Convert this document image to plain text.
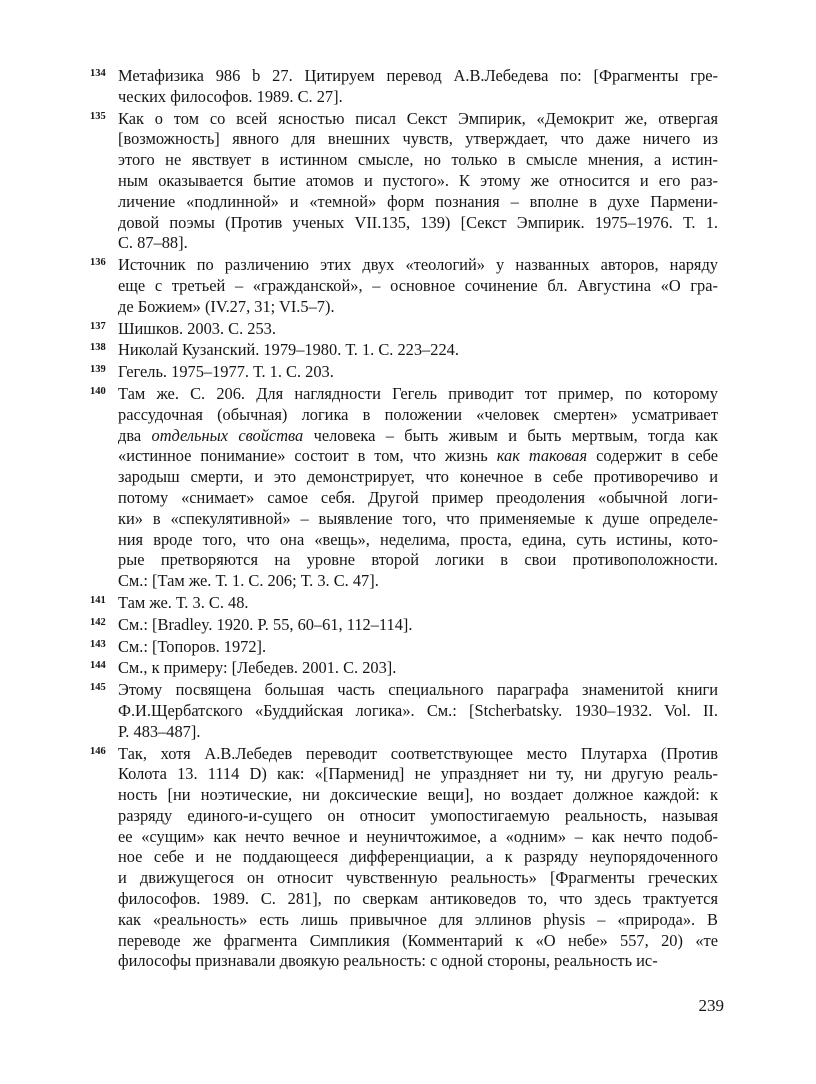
134 Метафизика 986 b 27. Цитируем перевод А.В.Лебедева по: [Фрагменты гре-
ческих философов. 1989. С. 27].
135 Как о том со всей ясностью писал Секст Эмпирик, «Демокрит же, отвергая
[возможность] явного для внешних чувств, утверждает, что даже ничего из
этого не явствует в истинном смысле, но только в смысле мнения, а истин-
ным оказывается бытие атомов и пустого». К этому же относится и его раз-
личение «подлинной» и «темной» форм познания – вполне в духе Пармени-
довой поэмы (Против ученых VII.135, 139) [Секст Эмпирик. 1975–1976. Т. 1.
С. 87–88].
136 Источник по различению этих двух «теологий» у названных авторов, наряду
еще с третьей – «гражданской», – основное сочинение бл. Августина «О гра-
де Божием» (IV.27, 31; VI.5–7).
137 Шишков. 2003. С. 253.
138 Николай Кузанский. 1979–1980. Т. 1. С. 223–224.
139 Гегель. 1975–1977. Т. 1. С. 203.
140 Там же. С. 206. Для наглядности Гегель приводит тот пример, по которому
рассудочная (обычная) логика в положении «человек смертен» усматривает
два отдельных свойства человека – быть живым и быть мертвым, тогда как
«истинное понимание» состоит в том, что жизнь как таковая содержит в себе
зародыш смерти, и это демонстрирует, что конечное в себе противоречиво и
потому «снимает» самое себя. Другой пример преодоления «обычной логи-
ки» в «спекулятивной» – выявление того, что применяемые к душе определе-
ния вроде того, что она «вещь», неделима, проста, едина, суть истины, кото-
рые претворяются на уровне второй логики в свои противоположности.
См.: [Там же. Т. 1. С. 206; Т. 3. С. 47].
141 Там же. Т. 3. С. 48.
142 См.: [Bradley. 1920. P. 55, 60–61, 112–114].
143 См.: [Топоров. 1972].
144 См., к примеру: [Лебедев. 2001. С. 203].
145 Этому посвящена большая часть специального параграфа знаменитой книги
Ф.И.Щербатского «Буддийская логика». См.: [Stcherbatsky. 1930–1932. Vol. II.
P. 483–487].
146 Так, хотя А.В.Лебедев переводит соответствующее место Плутарха (Против
Колота 13. 1114 D) как: «[Парменид] не упраздняет ни ту, ни другую реаль-
ность [ни ноэтические, ни доксические вещи], но воздает должное каждой: к
разряду единого-и-сущего он относит умопостигаемую реальность, называя
ее «сущим» как нечто вечное и неуничтожимое, а «одним» – как нечто подоб-
ное себе и не поддающееся дифференциации, а к разряду неупорядоченного
и движущегося он относит чувственную реальность» [Фрагменты греческих
философов. 1989. С. 281], по сверкам антиковедов то, что здесь трактуется
как «реальность» есть лишь привычное для эллинов physis – «природа». В
переводе же фрагмента Симпликия (Комментарий к «О небе» 557, 20) «те
философы признавали двоякую реальность: с одной стороны, реальность ис-
239
